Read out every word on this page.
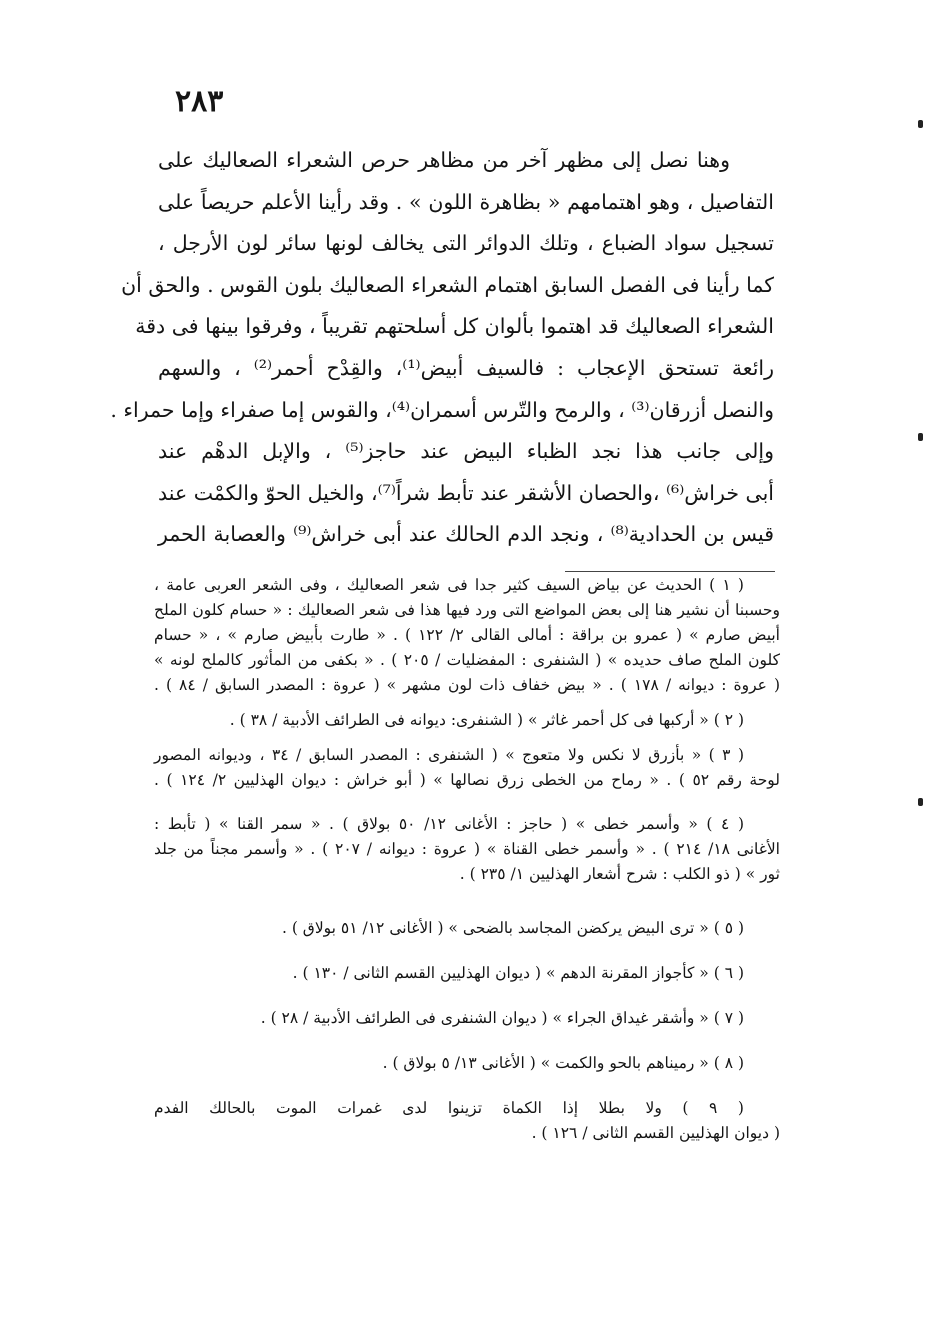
٢٨٣
وهنا نصل إلى مظهر آخر من مظاهر حرص الشعراء الصعاليك على
التفاصيل ، وهو اهتمامهم « بظاهرة اللون » . وقد رأينا الأعلم حريصاً على
تسجيل سواد الضباع ، وتلك الدوائر التى يخالف لونها سائر لون الأرجل ،
كما رأينا فى الفصل السابق اهتمام الشعراء الصعاليك بلون القوس . والحق أن
الشعراء الصعاليك قد اهتموا بألوان كل أسلحتهم تقريباً ، وفرقوا بينها فى دقة
رائعة تستحق الإعجاب : فالسيف أبيض⁽¹⁾، والقِدْح أحمر⁽²⁾ ، والسهم
والنصل أزرقان⁽³⁾ ، والرمح والتّرس أسمران⁽⁴⁾، والقوس إما صفراء وإما حمراء .
وإلى جانب هذا نجد الظباء البيض عند حاجز⁽⁵⁾ ، والإبل الدهْم عند
أبى خراش⁽⁶⁾ ،والحصان الأشقر عند تأبط شراً⁽⁷⁾، والخيل الحوّ والكمْت عند
قيس بن الحدادية⁽⁸⁾ ، ونجد الدم الحالك عند أبى خراش⁽⁹⁾ والعصابة الحمر
( ١ ) الحديث عن بياض السيف كثير جدا فى شعر الصعاليك ، وفى الشعر العربى عامة ،
وحسبنا أن نشير هنا إلى بعض المواضع التى ورد فيها هذا فى شعر الصعاليك : « حسام كلون الملح
أبيض صارم » ( عمرو بن براقة : أمالى القالى ٢/ ١٢٢ ) . « طارت بأبيض صارم » ، « حسام
كلون الملح صاف حديده » ( الشنفرى : المفضليات / ٢٠٥ ) . « بكفى من المأثور كالملح لونه »
( عروة : ديوانه / ١٧٨ ) . « بيض خفاف ذات لون مشهر » ( عروة : المصدر السابق / ٨٤ ) .
( ٢ ) « أركبها فى كل أحمر غاثر » ( الشنفرى: ديوانه فى الطرائف الأدبية / ٣٨ ) .
( ٣ ) « بأزرق لا نكس ولا متعوج » ( الشنفرى : المصدر السابق / ٣٤ ، وديوانه المصور
لوحة رقم ٥٢ ) . « رماح من الخطى زرق نصالها » ( أبو خراش : ديوان الهذليين ٢/ ١٢٤ ) .
( ٤ ) « وأسمر خطى » ( حاجز : الأغانى ١٢/ ٥٠ بولاق ) . « سمر القنا » ( تأبط :
الأغانى ١٨/ ٢١٤ ) . « وأسمر خطى القناة » ( عروة : ديوانه / ٢٠٧ ) . « وأسمر مجناً من جلد
ثور » ( ذو الكلب : شرح أشعار الهذليين ١/ ٢٣٥ ) .
( ٥ ) « ترى البيض يركضن المجاسد بالضحى » ( الأغانى ١٢/ ٥١ بولاق ) .
( ٦ ) « كأجواز المقرنة الدهم » ( ديوان الهذليين القسم الثانى / ١٣٠ ) .
( ٧ ) « وأشقر غيداق الجراء » ( ديوان الشنفرى فى الطرائف الأدبية / ٢٨ ) .
( ٨ ) « رميناهم بالحو والكمت » ( الأغانى ١٣/ ٥ بولاق ) .
( ٩ ) ولا بطلا إذا الكماة تزينوا لدى غمرات الموت بالحالك الفدم
( ديوان الهذليين القسم الثانى / ١٢٦ ) .
